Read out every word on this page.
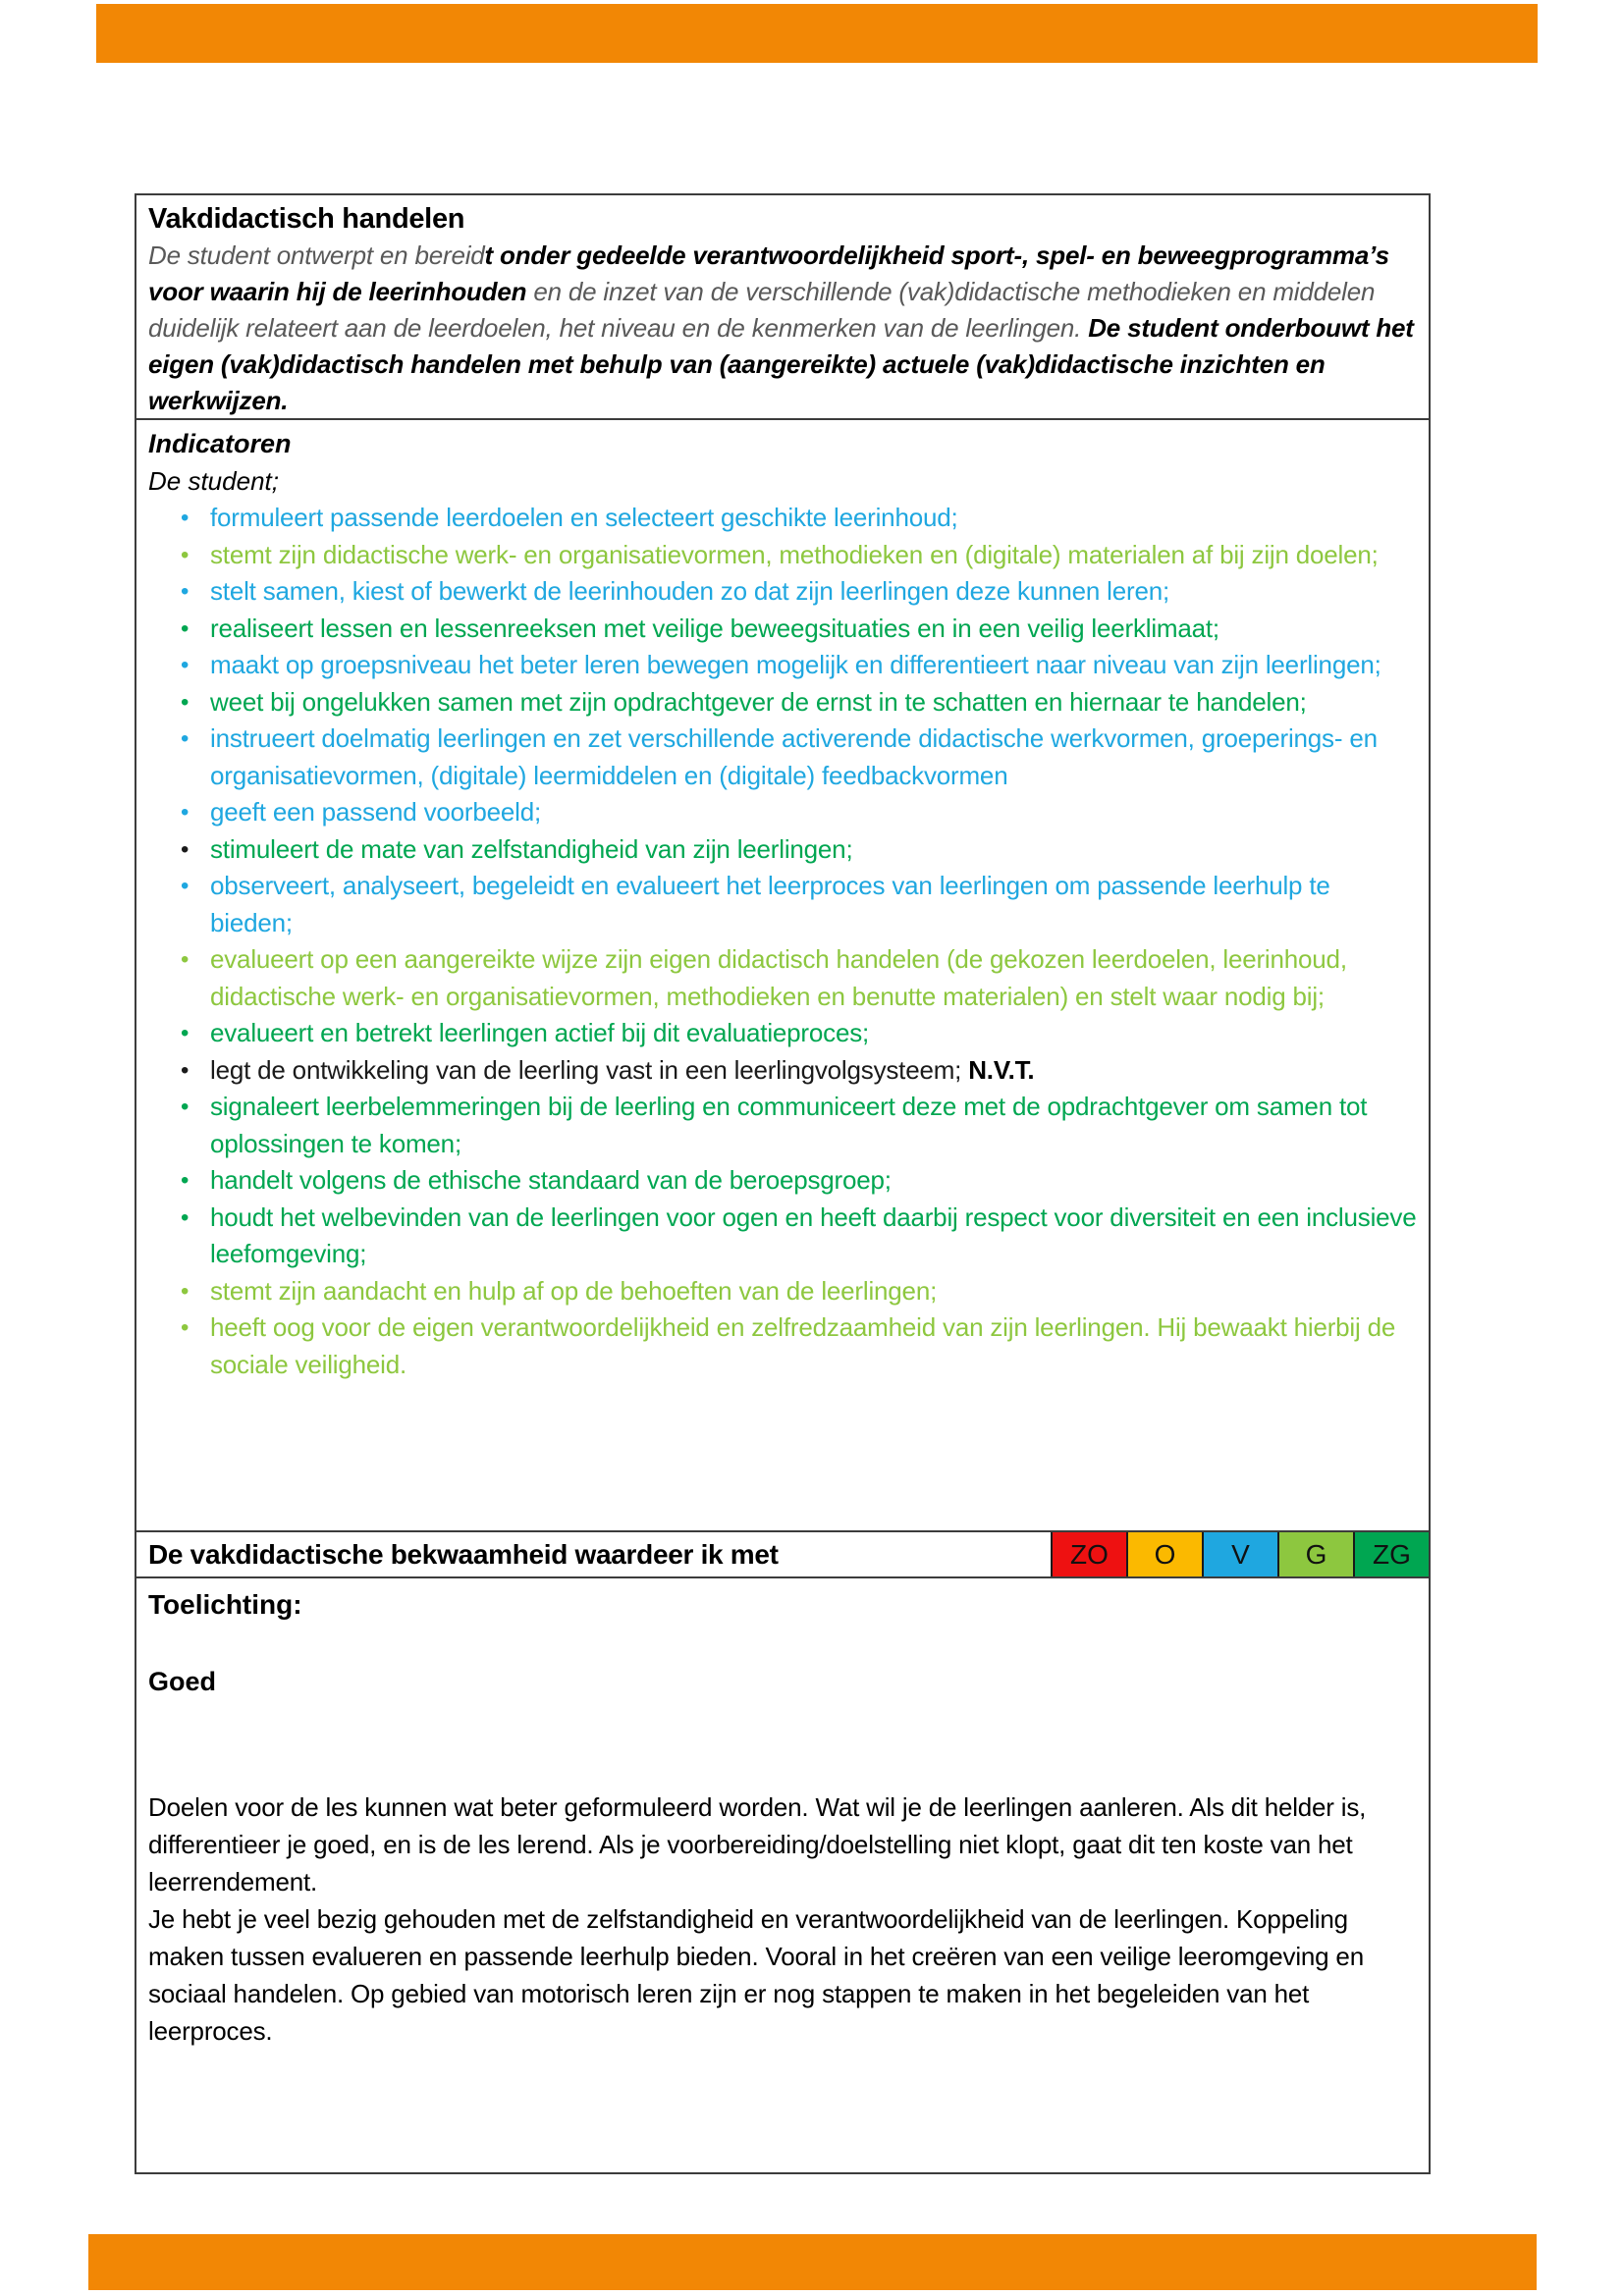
Vakdidactisch handelen
De student ontwerpt en bereidt onder gedeelde verantwoordelijkheid sport-, spel- en beweegprogramma’s voor waarin hij de leerinhouden en de inzet van de verschillende (vak)didactische methodieken en middelen duidelijk relateert aan de leerdoelen, het niveau en de kenmerken van de leerlingen. De student onderbouwt het eigen (vak)didactisch handelen met behulp van (aangereikte) actuele (vak)didactische inzichten en werkwijzen.
Indicatoren
De student;
• formuleert passende leerdoelen en selecteert geschikte leerinhoud;
• stemt zijn didactische werk- en organisatievormen, methodieken en (digitale) materialen af bij zijn doelen;
• stelt samen, kiest of bewerkt de leerinhouden zo dat zijn leerlingen deze kunnen leren;
• realiseert lessen en lessenreeksen met veilige beweegsituaties en in een veilig leerklimaat;
• maakt op groepsniveau het beter leren bewegen mogelijk en differentieert naar niveau van zijn leerlingen;
• weet bij ongelukken samen met zijn opdrachtgever de ernst in te schatten en hiernaar te handelen;
• instrueert doelmatig leerlingen en zet verschillende activerende didactische werkvormen, groeperings- en organisatievormen, (digitale) leermiddelen en (digitale) feedbackvormen
• geeft een passend voorbeeld;
• stimuleert de mate van zelfstandigheid van zijn leerlingen;
• observeert, analyseert, begeleidt en evalueert het leerproces van leerlingen om passende leerhulp te bieden;
• evalueert op een aangereikte wijze zijn eigen didactisch handelen (de gekozen leerdoelen, leerinhoud, didactische werk- en organisatievormen, methodieken en benutte materialen) en stelt waar nodig bij;
• evalueert en betrekt leerlingen actief bij dit evaluatieproces;
• legt de ontwikkeling van de leerling vast in een leerlingvolgsysteem; N.V.T.
• signaleert leerbelemmeringen bij de leerling en communiceert deze met de opdrachtgever om samen tot oplossingen te komen;
• handelt volgens de ethische standaard van de beroepsgroep;
• houdt het welbevinden van de leerlingen voor ogen en heeft daarbij respect voor diversiteit en een inclusieve leefomgeving;
• stemt zijn aandacht en hulp af op de behoeften van de leerlingen;
• heeft oog voor de eigen verantwoordelijkheid en zelfredzaamheid van zijn leerlingen. Hij bewaakt hierbij de sociale veiligheid.
De vakdidactische bekwaamheid waardeer ik met	ZO	O	V	G	ZG
Toelichting:
Goed
Doelen voor de les kunnen wat beter geformuleerd worden. Wat wil je de leerlingen aanleren. Als dit helder is, differentieer je goed, en is de les lerend. Als je voorbereiding/doelstelling niet klopt, gaat dit ten koste van het leerrendement.
Je hebt je veel bezig gehouden met de zelfstandigheid en verantwoordelijkheid van de leerlingen. Koppeling maken tussen evalueren en passende leerhulp bieden. Vooral in het creëren van een veilige leeromgeving en sociaal handelen. Op gebied van motorisch leren zijn er nog stappen te maken in het begeleiden van het leerproces.
